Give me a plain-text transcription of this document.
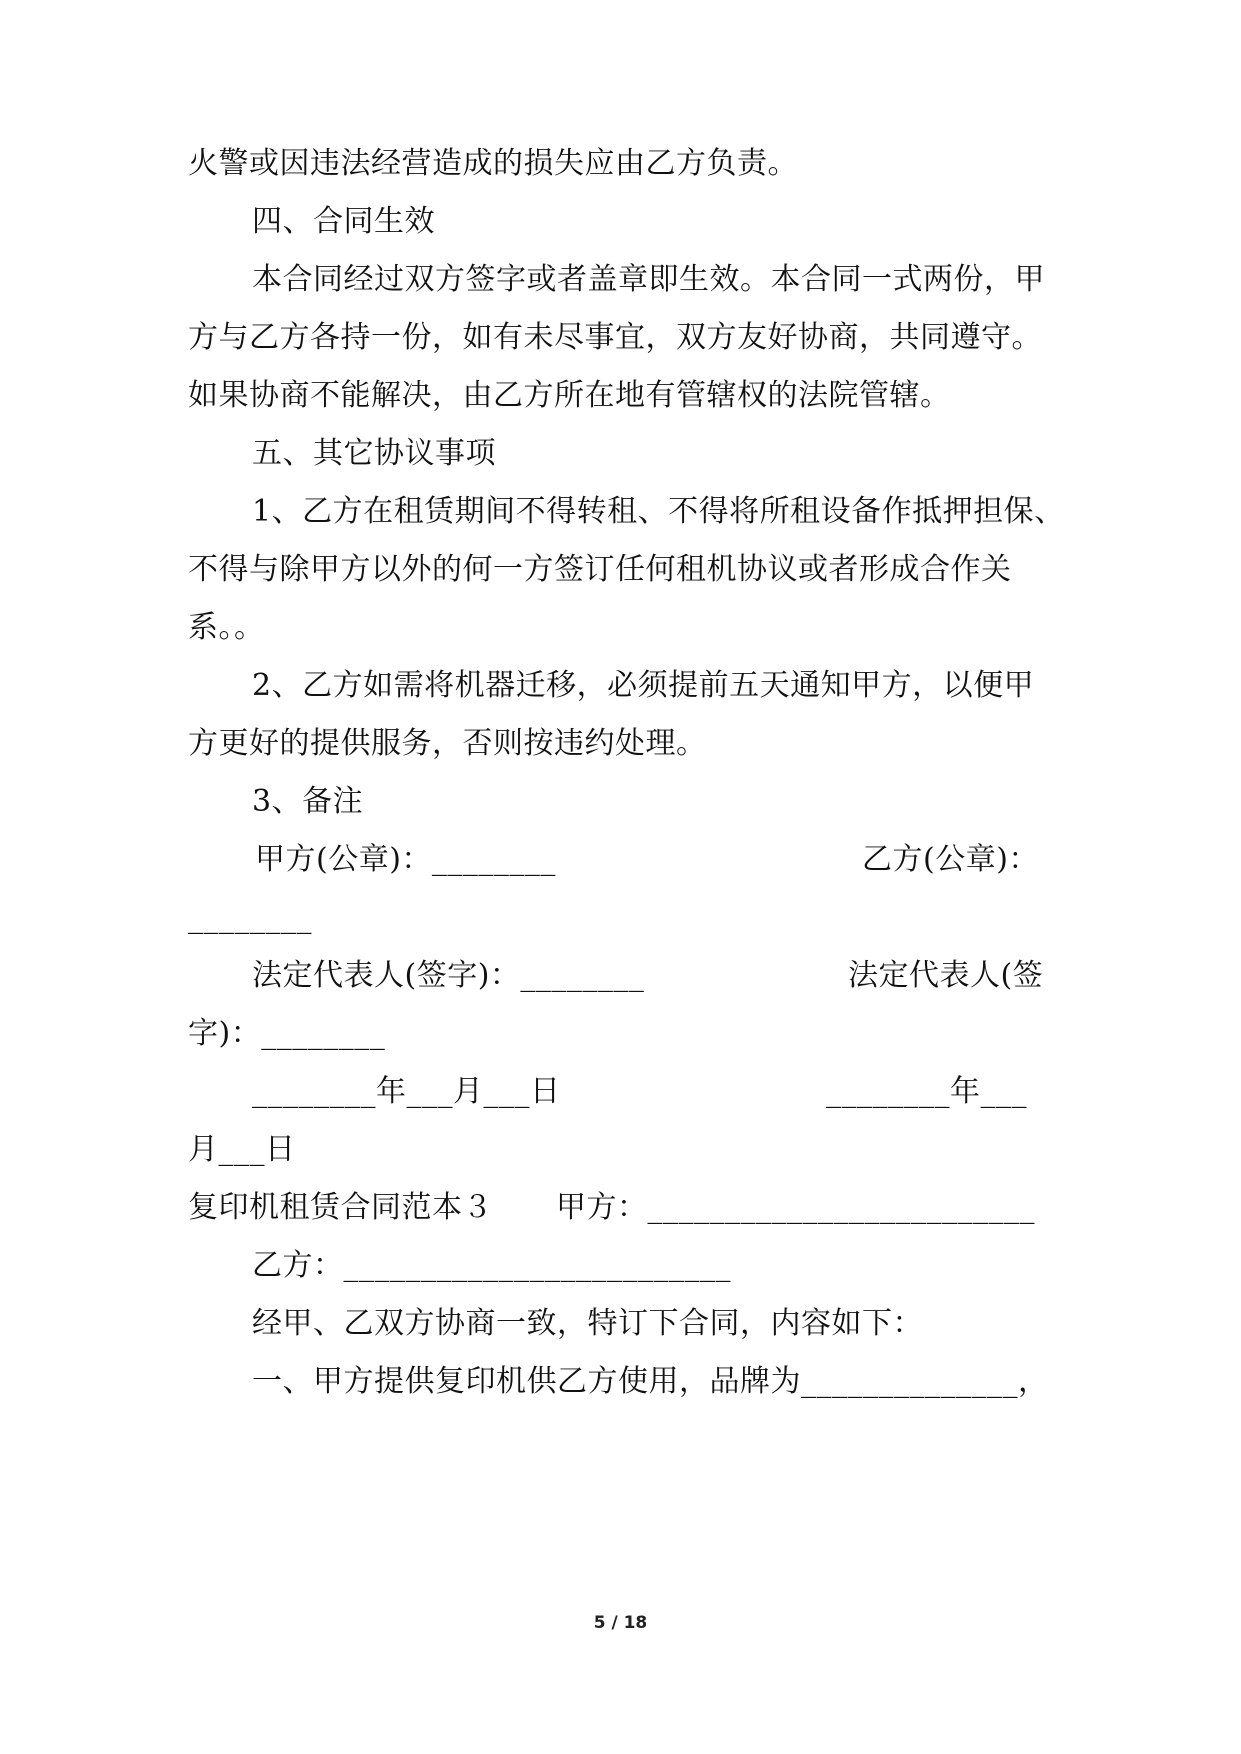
火警或因违法经营造成的损失应由乙方负责。
四、合同生效
本合同经过双方签字或者盖章即生效。本合同一式两份，甲
方与乙方各持一份，如有未尽事宜，双方友好协商，共同遵守。
如果协商不能解决，由乙方所在地有管辖权的法院管辖。
五、其它协议事项
1、乙方在租赁期间不得转租、不得将所租设备作抵押担保、
不得与除甲方以外的何一方签订任何租机协议或者形成合作关
系。。
2、乙方如需将机器迁移，必须提前五天通知甲方，以便甲
方更好的提供服务，否则按违约处理。
3、备注
甲方(公章)：________	乙方(公章)：
________
法定代表人(签字)：________	法定代表人(签
字)：________
________年___月___日	________年___
月___日
复印机租赁合同范本３	甲方：_________________________
乙方：_________________________
经甲、乙双方协商一致，特订下合同，内容如下：
一、甲方提供复印机供乙方使用，品牌为______________，
5 / 18
